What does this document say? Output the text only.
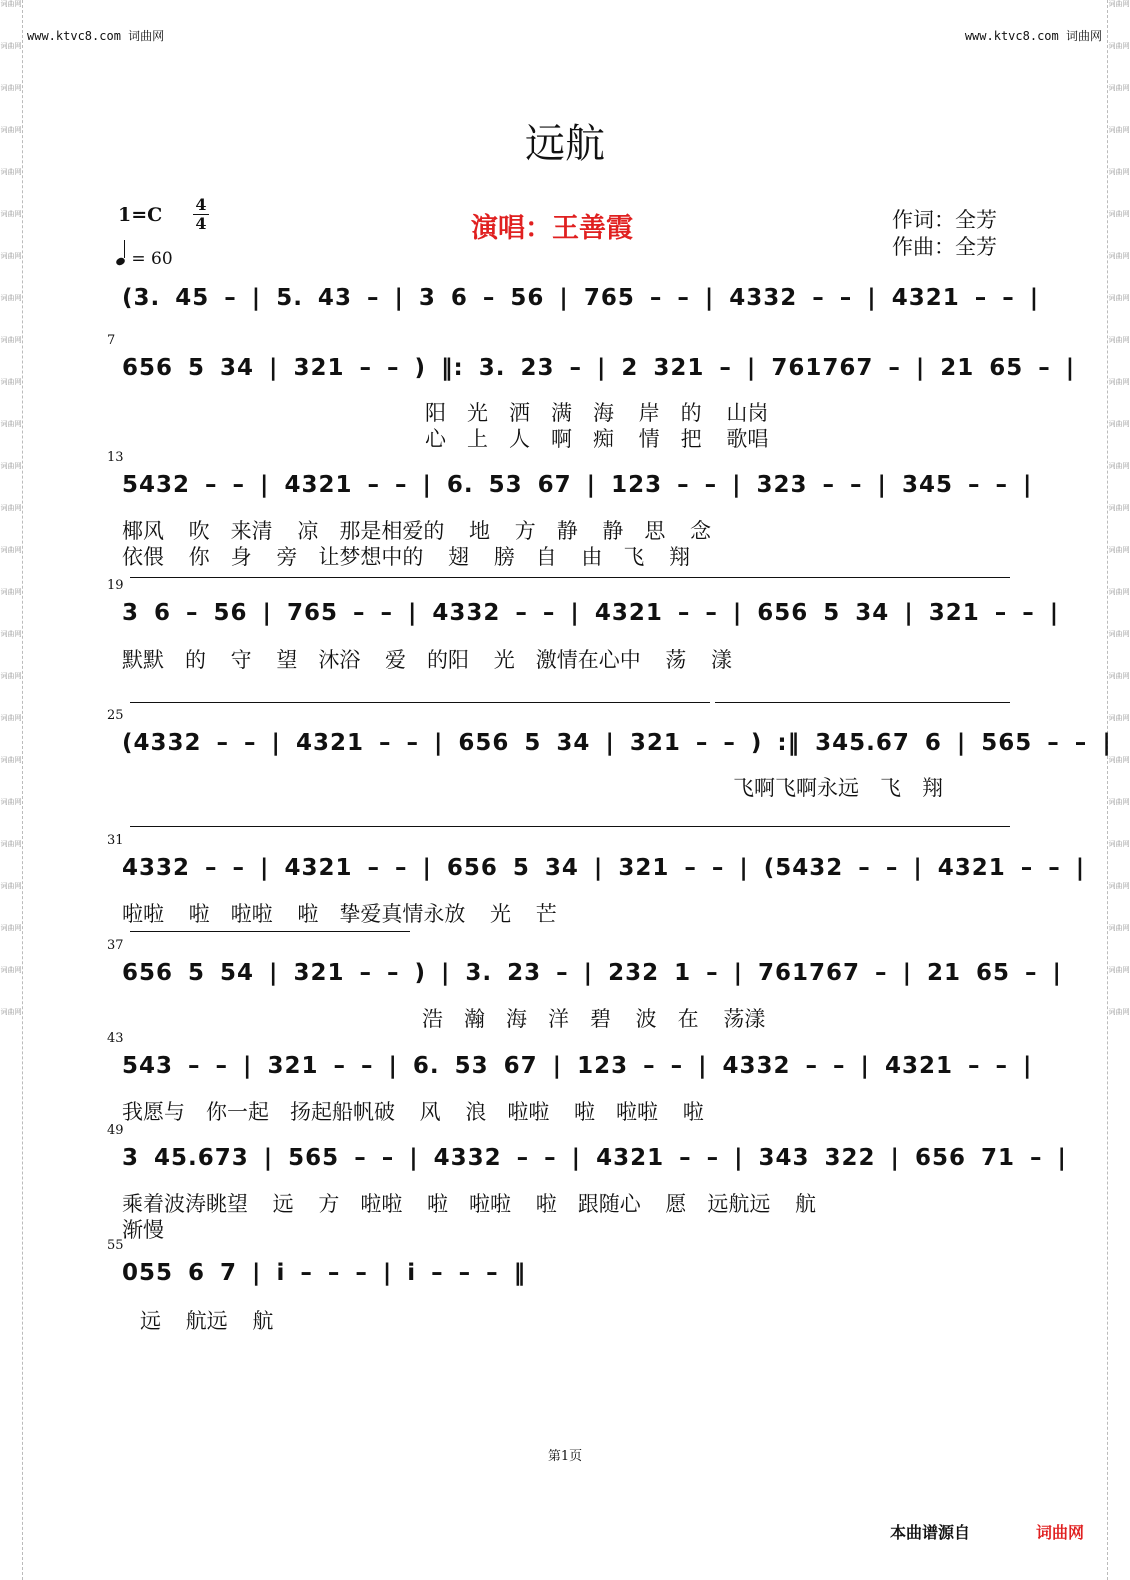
词曲网
词曲网
词曲网
词曲网
词曲网
词曲网
词曲网
词曲网
词曲网
词曲网
词曲网
词曲网
词曲网
词曲网
词曲网
词曲网
词曲网
词曲网
词曲网
词曲网
词曲网
词曲网
词曲网
词曲网
词曲网
词曲网
词曲网
词曲网
词曲网
词曲网
词曲网
词曲网
词曲网
词曲网
词曲网
词曲网
词曲网
词曲网
词曲网
词曲网
词曲网
词曲网
词曲网
词曲网
词曲网
词曲网
词曲网
词曲网
词曲网
词曲网
www.ktvc8.com 词曲网	www.ktvc8.com 词曲网
远航
1=C 4
4
= 60
演唱：王善霞	作词：全芳
作曲：全芳
(3. 45 – | 5. 43 – | 3 6 – 56 | 765 – – | 4332 – – | 4321 – – |
7
656 5 34 | 321 – – ) ‖: 3. 23 – | 2 321 – | 761767 – | 21 65 – |
阳　光　洒　满　海 岸　的 山岗
心　上　人　啊　痴 情　把 歌唱
13
5432 – – | 4321 – – | 6. 53 67 | 123 – – | 323 – – | 345 – – |
椰风 吹　来清 凉　那是相爱的 地 方　静 静　思 念
依偎 你　身 旁　让梦想中的 翅 膀　自 由　飞 翔
19
3 6 – 56 | 765 – – | 4332 – – | 4321 – – | 656 5 34 | 321 – – |
默默　的 守 望　沐浴 爱　的阳 光　激情在心中 荡 漾
25
(4332 – – | 4321 – – | 656 5 34 | 321 – – ) :‖ 345.67 6 | 565 – – |
飞啊飞啊永远　飞　翔
31
4332 – – | 4321 – – | 656 5 34 | 321 – – | (5432 – – | 4321 – – |
啦啦 啦　啦啦 啦　挚爱真情永放 光 芒
37
656 5 54 | 321 – – ) | 3. 23 – | 232 1 – | 761767 – | 21 65 – |
浩　瀚　海　洋　碧 波　在 荡漾
43
543 – – | 321 – – | 6. 53 67 | 123 – – | 4332 – – | 4321 – – |
我愿与　你一起　扬起船帆破 风 浪　啦啦 啦　啦啦 啦
49
3 45.673 | 565 – – | 4332 – – | 4321 – – | 343 322 | 656 71 – |
乘着波涛眺望 远 方　啦啦 啦　啦啦 啦　跟随心 愿　远航远 航
渐慢
55
055 6 7 | i – – – | i – – – ‖
远 航远 航
第1页
本曲谱源自	词曲网
